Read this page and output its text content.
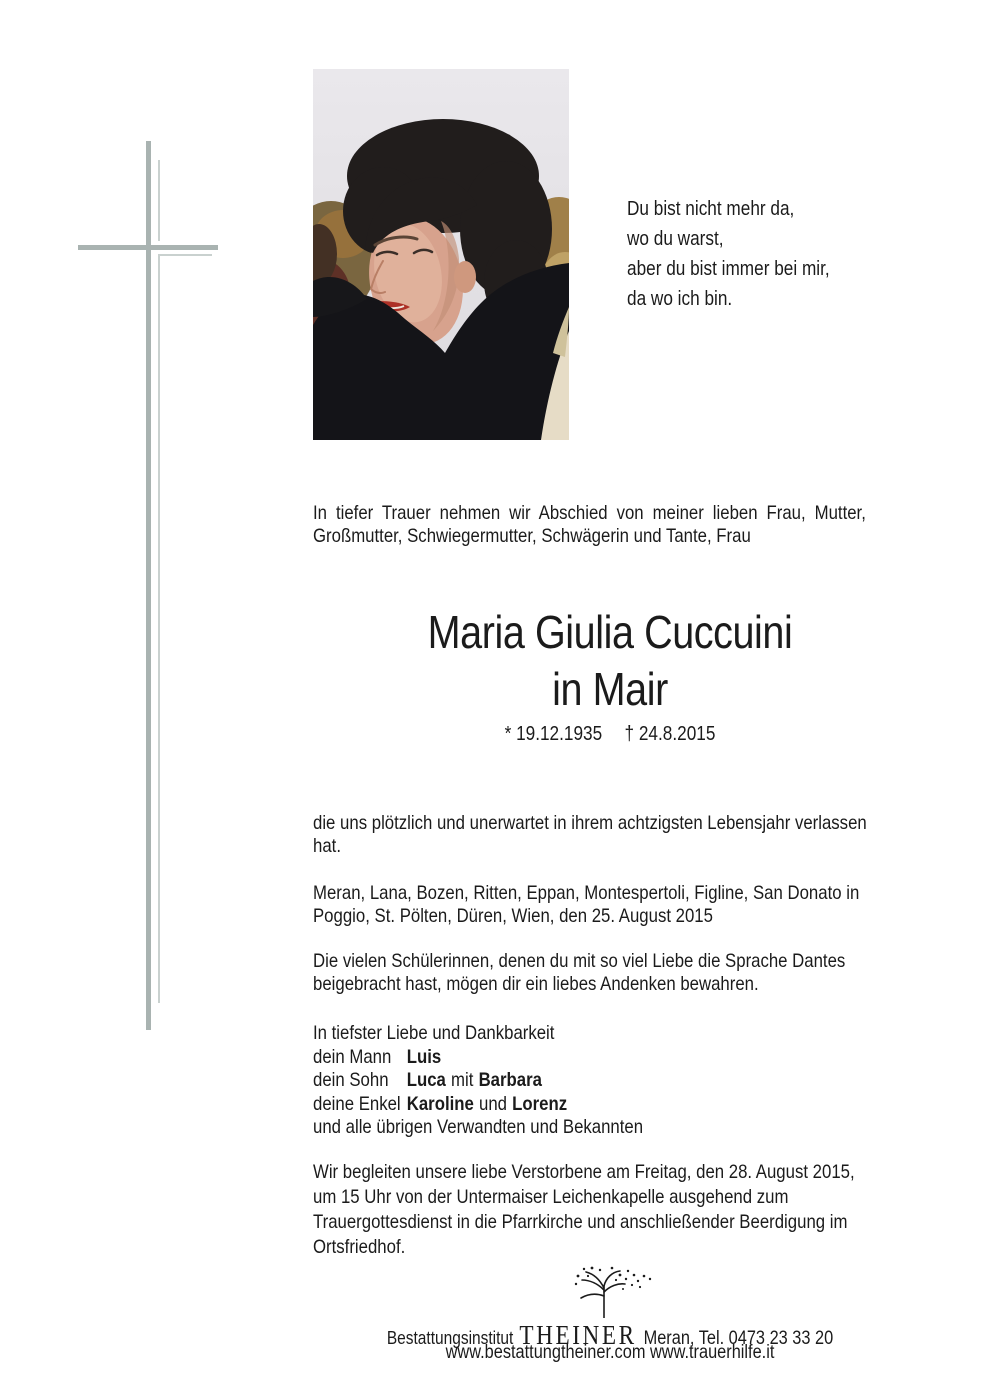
Du bist nicht mehr da,
wo du warst,
aber du bist immer bei mir,
da wo ich bin.
In tiefer Trauer nehmen wir Abschied von meiner lieben Frau, Mutter,
Großmutter, Schwiegermutter, Schwägerin und Tante, Frau
Maria Giulia Cuccuini
in Mair
* 19.12.1935 † 24.8.2015
die uns plötzlich und unerwartet in ihrem achtzigsten Lebensjahr verlassen
hat.
Meran, Lana, Bozen, Ritten, Eppan, Montespertoli, Figline, San Donato in
Poggio, St. Pölten, Düren, Wien, den 25. August 2015
Die vielen Schülerinnen, denen du mit so viel Liebe die Sprache Dantes
beigebracht hast, mögen dir ein liebes Andenken bewahren.
In tiefster Liebe und Dankbarkeit
dein Mann Luis
dein Sohn Luca mit Barbara
deine Enkel Karoline und Lorenz
und alle übrigen Verwandten und Bekannten
Wir begleiten unsere liebe Verstorbene am Freitag, den 28. August 2015,
um 15 Uhr von der Untermaiser Leichenkapelle ausgehend zum
Trauergottesdienst in die Pfarrkirche und anschließender Beerdigung im
Ortsfriedhof.
Bestattungsinstitut THEINER Meran, Tel. 0473 23 33 20
www.bestattungtheiner.com www.trauerhilfe.it
